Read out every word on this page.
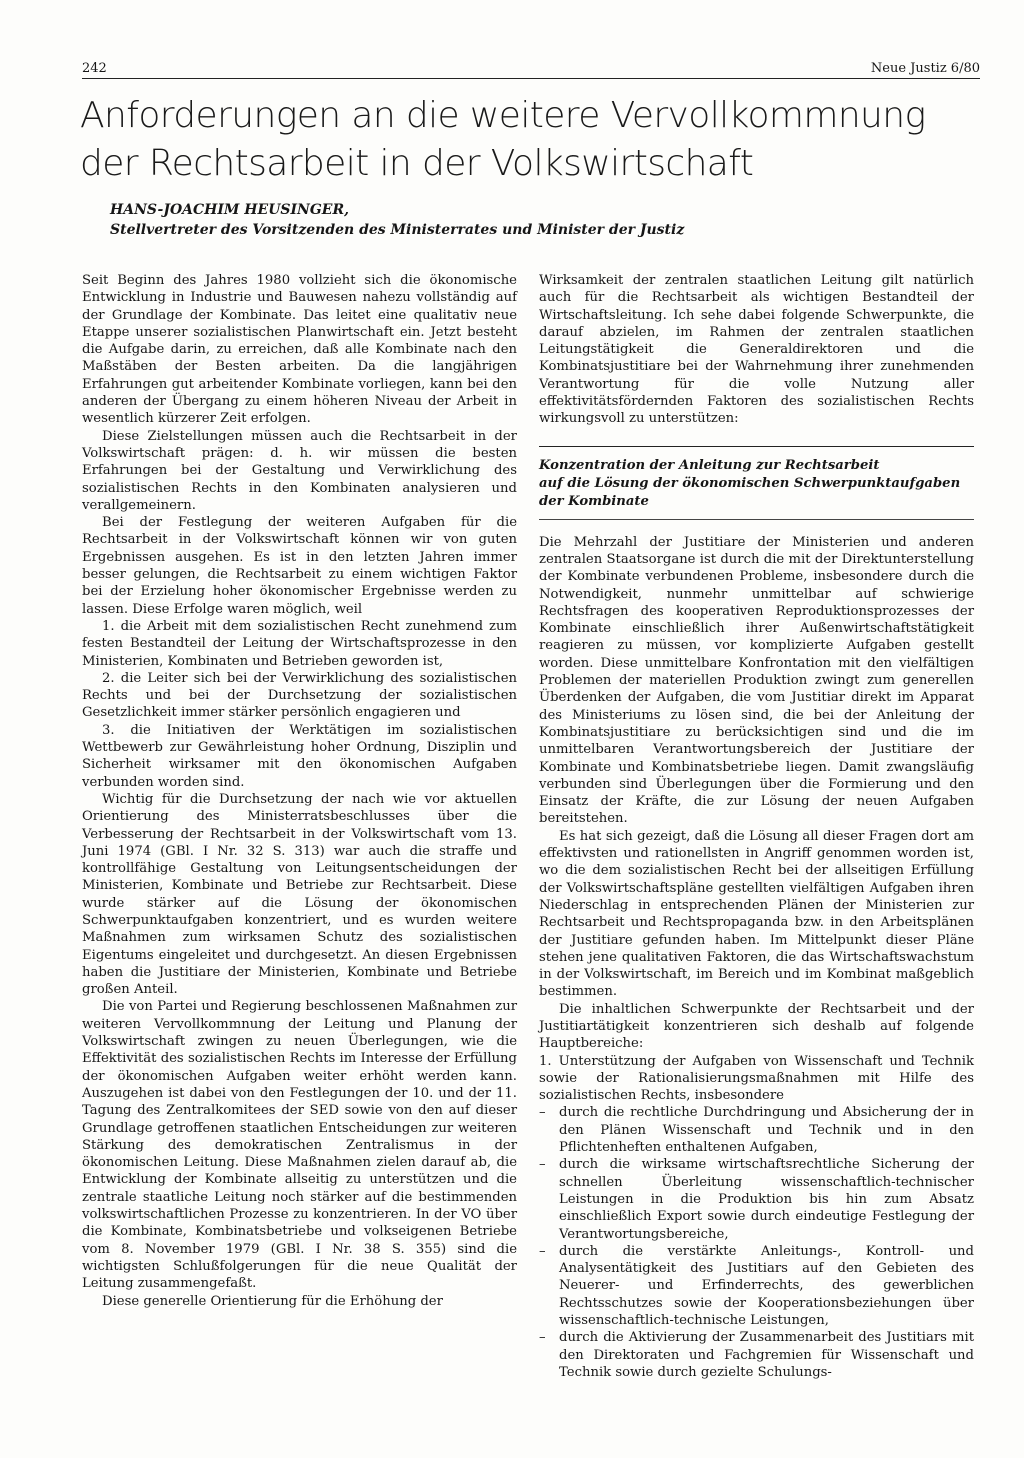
242	Neue Justiz 6/80
Anforderungen an die weitere Vervollkommnung
der Rechtsarbeit in der Volkswirtschaft
HANS-JOACHIM HEUSINGER,
Stellvertreter des Vorsitzenden des Ministerrates und Minister der Justiz

Seit Beginn des Jahres 1980 vollzieht sich die ökonomische Entwicklung in Industrie und Bauwesen nahezu vollständig auf der Grundlage der Kombinate. Das leitet eine qualitativ neue Etappe unserer sozialistischen Planwirtschaft ein. Jetzt besteht die Aufgabe darin, zu erreichen, daß alle Kombinate nach den Maßstäben der Besten arbeiten. Da die langjährigen Erfahrungen gut arbeitender Kombinate vorliegen, kann bei den anderen der Übergang zu einem höheren Niveau der Arbeit in wesentlich kürzerer Zeit erfolgen.

Diese Zielstellungen müssen auch die Rechtsarbeit in der Volkswirtschaft prägen: d. h. wir müssen die besten Erfahrungen bei der Gestaltung und Verwirklichung des sozialistischen Rechts in den Kombinaten analysieren und verallgemeinern.

Bei der Festlegung der weiteren Aufgaben für die Rechtsarbeit in der Volkswirtschaft können wir von guten Ergebnissen ausgehen. Es ist in den letzten Jahren immer besser gelungen, die Rechtsarbeit zu einem wichtigen Faktor bei der Erzielung hoher ökonomischer Ergebnisse werden zu lassen. Diese Erfolge waren möglich, weil

1. die Arbeit mit dem sozialistischen Recht zunehmend zum festen Bestandteil der Leitung der Wirtschaftsprozesse in den Ministerien, Kombinaten und Betrieben geworden ist,

2. die Leiter sich bei der Verwirklichung des sozialistischen Rechts und bei der Durchsetzung der sozialistischen Gesetzlichkeit immer stärker persönlich engagieren und

3. die Initiativen der Werktätigen im sozialistischen Wettbewerb zur Gewährleistung hoher Ordnung, Disziplin und Sicherheit wirksamer mit den ökonomischen Aufgaben verbunden worden sind.

Wichtig für die Durchsetzung der nach wie vor aktuellen Orientierung des Ministerratsbeschlusses über die Verbesserung der Rechtsarbeit in der Volkswirtschaft vom 13. Juni 1974 (GBl. I Nr. 32 S. 313) war auch die straffe und kontrollfähige Gestaltung von Leitungsentscheidungen der Ministerien, Kombinate und Betriebe zur Rechtsarbeit. Diese wurde stärker auf die Lösung der ökonomischen Schwerpunktaufgaben konzentriert, und es wurden weitere Maßnahmen zum wirksamen Schutz des sozialistischen Eigentums eingeleitet und durchgesetzt. An diesen Ergebnissen haben die Justitiare der Ministerien, Kombinate und Betriebe großen Anteil.

Die von Partei und Regierung beschlossenen Maßnahmen zur weiteren Vervollkommnung der Leitung und Planung der Volkswirtschaft zwingen zu neuen Überlegungen, wie die Effektivität des sozialistischen Rechts im Interesse der Erfüllung der ökonomischen Aufgaben weiter erhöht werden kann. Auszugehen ist dabei von den Festlegungen der 10. und der 11. Tagung des Zentralkomitees der SED sowie von den auf dieser Grundlage getroffenen staatlichen Entscheidungen zur weiteren Stärkung des demokratischen Zentralismus in der ökonomischen Leitung. Diese Maßnahmen zielen darauf ab, die Entwicklung der Kombinate allseitig zu unterstützen und die zentrale staatliche Leitung noch stärker auf die bestimmenden volkswirtschaftlichen Prozesse zu konzentrieren. In der VO über die Kombinate, Kombinatsbetriebe und volkseigenen Betriebe vom 8. November 1979 (GBl. I Nr. 38 S. 355) sind die wichtigsten Schlußfolgerungen für die neue Qualität der Leitung zusammengefaßt.

Diese generelle Orientierung für die Erhöhung der

Wirksamkeit der zentralen staatlichen Leitung gilt natürlich auch für die Rechtsarbeit als wichtigen Bestandteil der Wirtschaftsleitung. Ich sehe dabei folgende Schwerpunkte, die darauf abzielen, im Rahmen der zentralen staatlichen Leitungstätigkeit die Generaldirektoren und die Kombinatsjustitiare bei der Wahrnehmung ihrer zunehmenden Verantwortung für die volle Nutzung aller effektivitätsfördernden Faktoren des sozialistischen Rechts wirkungsvoll zu unterstützen:

Konzentration der Anleitung zur Rechtsarbeit
auf die Lösung der ökonomischen Schwerpunktaufgaben
der Kombinate

Die Mehrzahl der Justitiare der Ministerien und anderen zentralen Staatsorgane ist durch die mit der Direktunterstellung der Kombinate verbundenen Probleme, insbesondere durch die Notwendigkeit, nunmehr unmittelbar auf schwierige Rechtsfragen des kooperativen Reproduktionsprozesses der Kombinate einschließlich ihrer Außenwirtschaftstätigkeit reagieren zu müssen, vor komplizierte Aufgaben gestellt worden. Diese unmittelbare Konfrontation mit den vielfältigen Problemen der materiellen Produktion zwingt zum generellen Überdenken der Aufgaben, die vom Justitiar direkt im Apparat des Ministeriums zu lösen sind, die bei der Anleitung der Kombinatsjustitiare zu berücksichtigen sind und die im unmittelbaren Verantwortungsbereich der Justitiare der Kombinate und Kombinatsbetriebe liegen. Damit zwangsläufig verbunden sind Überlegungen über die Formierung und den Einsatz der Kräfte, die zur Lösung der neuen Aufgaben bereitstehen.

Es hat sich gezeigt, daß die Lösung all dieser Fragen dort am effektivsten und rationellsten in Angriff genommen worden ist, wo die dem sozialistischen Recht bei der allseitigen Erfüllung der Volkswirtschaftspläne gestellten vielfältigen Aufgaben ihren Niederschlag in entsprechenden Plänen der Ministerien zur Rechtsarbeit und Rechtspropaganda bzw. in den Arbeitsplänen der Justitiare gefunden haben. Im Mittelpunkt dieser Pläne stehen jene qualitativen Faktoren, die das Wirtschaftswachstum in der Volkswirtschaft, im Bereich und im Kombinat maßgeblich bestimmen.

Die inhaltlichen Schwerpunkte der Rechtsarbeit und der Justitiartätigkeit konzentrieren sich deshalb auf folgende Hauptbereiche:

1. Unterstützung der Aufgaben von Wissenschaft und Technik sowie der Rationalisierungsmaßnahmen mit Hilfe des sozialistischen Rechts, insbesondere

–	durch die rechtliche Durchdringung und Absicherung der in den Plänen Wissenschaft und Technik und in den Pflichtenheften enthaltenen Aufgaben,
–	durch die wirksame wirtschaftsrechtliche Sicherung der schnellen Überleitung wissenschaftlich-technischer Leistungen in die Produktion bis hin zum Absatz einschließlich Export sowie durch eindeutige Festlegung der Verantwortungsbereiche,
–	durch die verstärkte Anleitungs-, Kontroll- und Analysentätigkeit des Justitiars auf den Gebieten des Neuerer- und Erfinderrechts, des gewerblichen Rechtsschutzes sowie der Kooperationsbeziehungen über wissenschaftlich-technische Leistungen,
–	durch die Aktivierung der Zusammenarbeit des Justitiars mit den Direktoraten und Fachgremien für Wissenschaft und Technik sowie durch gezielte Schulungs-
